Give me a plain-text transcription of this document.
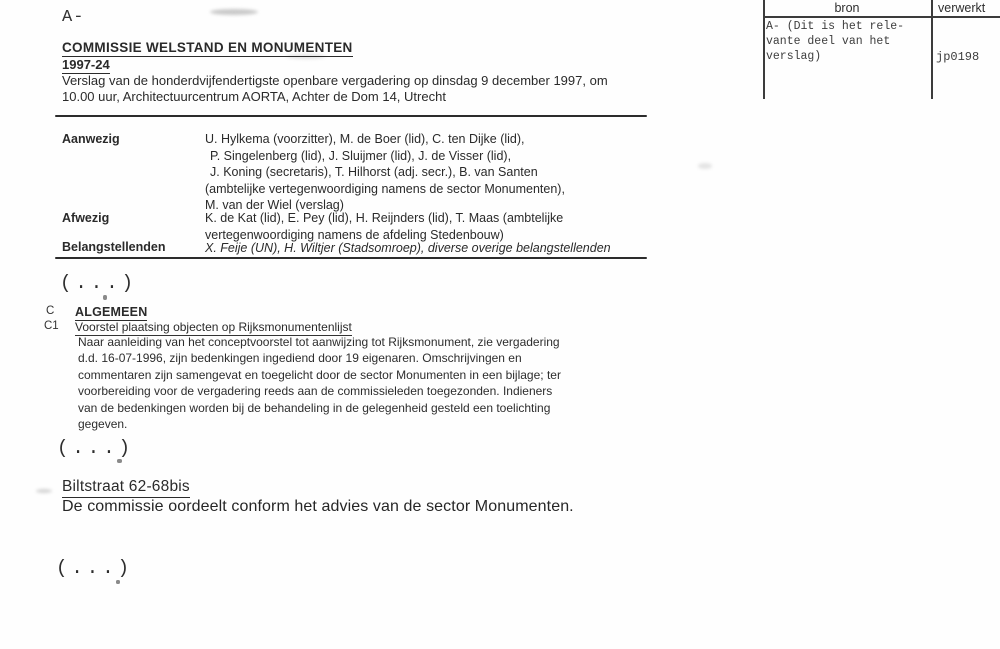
A-
COMMISSIE WELSTAND EN MONUMENTEN
1997-24
Verslag van de honderdvijfendertigste openbare vergadering op dinsdag 9 december 1997, om
10.00 uur, Architectuurcentrum AORTA, Achter de Dom 14, Utrecht
Aanwezig	U. Hylkema (voorzitter), M. de Boer (lid), C. ten Dijke (lid),
P. Singelenberg (lid), J. Sluijmer (lid), J. de Visser (lid),
J. Koning (secretaris), T. Hilhorst (adj. secr.), B. van Santen
(ambtelijke vertegenwoordiging namens de sector Monumenten),
M. van der Wiel (verslag)
Afwezig	K. de Kat (lid), E. Pey (lid), H. Reijnders (lid), T. Maas (ambtelijke
vertegenwoordiging namens de afdeling Stedenbouw)
Belangstellenden	X. Feije (UN), H. Wiltjer (Stadsomroep), diverse overige belangstellenden
(...)
C ALGEMEEN
C1 Voorstel plaatsing objecten op Rijksmonumentenlijst
Naar aanleiding van het conceptvoorstel tot aanwijzing tot Rijksmonument, zie vergadering d.d. 16-07-1996, zijn bedenkingen ingediend door 19 eigenaren. Omschrijvingen en commentaren zijn samengevat en toegelicht door de sector Monumenten in een bijlage; ter voorbereiding voor de vergadering reeds aan de commissieleden toegezonden. Indieners van de bedenkingen worden bij de behandeling in de gelegenheid gesteld een toelichting gegeven.
(...)
Biltstraat 62-68bis
De commissie oordeelt conform het advies van de sector Monumenten.
(...)
bron	verwerkt
A- (Dit is het rele-
vante deel van het
verslag)	jp0198
